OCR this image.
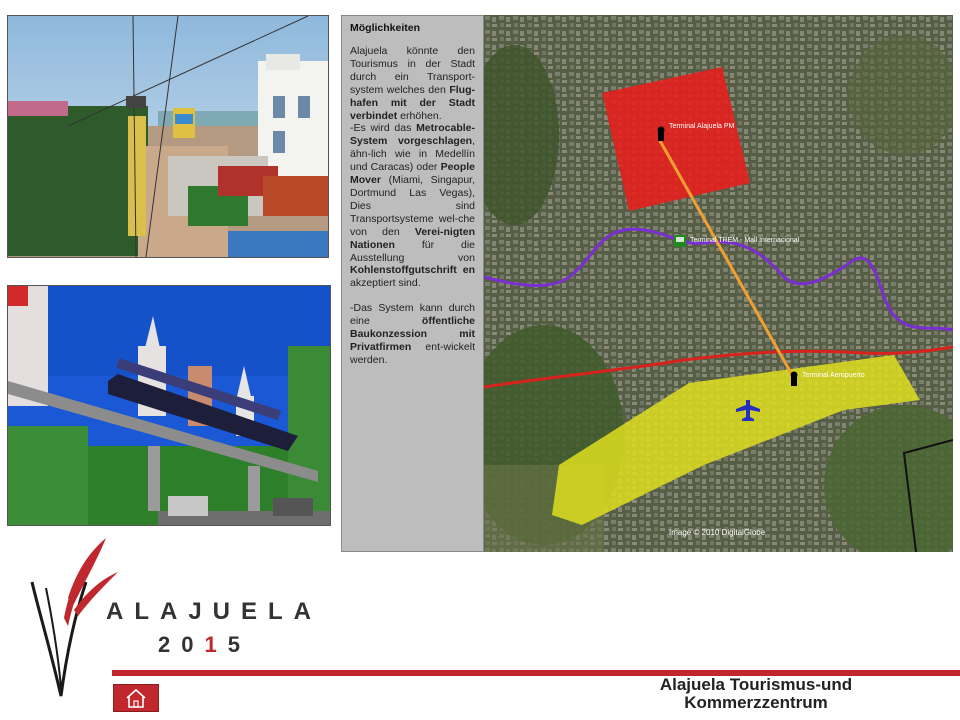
Möglichkeiten

Alajuela könnte den Tourismus in der Stadt durch ein Transport-system welches den Flug-hafen mit der Stadt verbindet erhöhen.

-Es wird das Metrocable-System vorgeschlagen, ähn-lich wie in Medellín und Caracas) oder People Mover (Miami, Singapur, Dortmund Las Vegas), Dies sind Transportsysteme wel-che von den Verei-nigten Nationen für die Ausstellung von Kohlenstoffgutschrift en akzeptiert sind.

-Das System kann durch eine öffentliche Baukonzession mit Privatfirmen ent-wickelt werden.

Terminal Alajuela PM
Terminal TREM - Mall Internacional
Terminal Aeropuerto
Image © 2010 DigitalGlobe
ALAJUELA
2015
Alajuela Tourismus-und Kommerzzentrum
